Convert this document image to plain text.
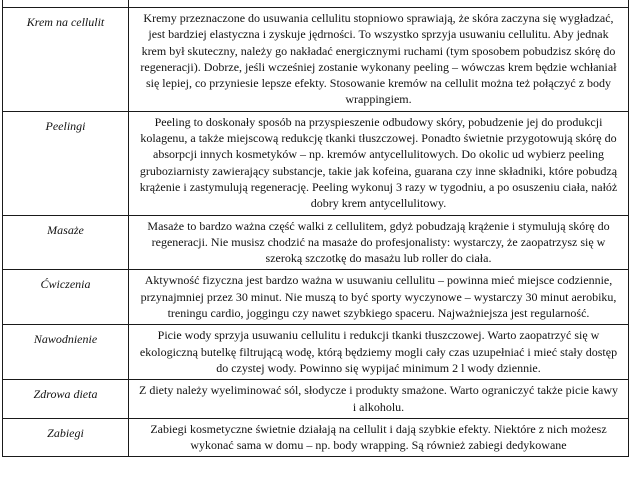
Krem na cellulit	Kremy przeznaczone do usuwania cellulitu stopniowo sprawiają, że skóra zaczyna się wygładzać, jest bardziej elastyczna i zyskuje jędrności. To wszystko sprzyja usuwaniu cellulitu. Aby jednak krem był skuteczny, należy go nakładać energicznymi ruchami (tym sposobem pobudzisz skórę do regeneracji). Dobrze, jeśli wcześniej zostanie wykonany peeling – wówczas krem będzie wchłaniał się lepiej, co przyniesie lepsze efekty. Stosowanie kremów na cellulit można też połączyć z body wrappingiem.

Peelingi	Peeling to doskonały sposób na przyspieszenie odbudowy skóry, pobudzenie jej do produkcji kolagenu, a także miejscową redukcję tkanki tłuszczowej. Ponadto świetnie przygotowują skórę do absorpcji innych kosmetyków – np. kremów antycellulitowych. Do okolic ud wybierz peeling gruboziarnisty zawierający substancje, takie jak kofeina, guarana czy inne składniki, które pobudzą krążenie i zastymulują regenerację. Peeling wykonuj 3 razy w tygodniu, a po osuszeniu ciała, nałóż dobry krem antycellulitowy.

Masaże	Masaże to bardzo ważna część walki z cellulitem, gdyż pobudzają krążenie i stymulują skórę do regeneracji. Nie musisz chodzić na masaże do profesjonalisty: wystarczy, że zaopatrzysz się w szeroką szczotkę do masażu lub roller do ciała.

Ćwiczenia	Aktywność fizyczna jest bardzo ważna w usuwaniu cellulitu – powinna mieć miejsce codziennie, przynajmniej przez 30 minut. Nie muszą to być sporty wyczynowe – wystarczy 30 minut aerobiku, treningu cardio, joggingu czy nawet szybkiego spaceru. Najważniejsza jest regularność.

Nawodnienie	Picie wody sprzyja usuwaniu cellulitu i redukcji tkanki tłuszczowej. Warto zaopatrzyć się w ekologiczną butelkę filtrującą wodę, którą będziemy mogli cały czas uzupełniać i mieć stały dostęp do czystej wody. Powinno się wypijać minimum 2 l wody dziennie.

Zdrowa dieta	Z diety należy wyeliminować sól, słodycze i produkty smażone. Warto ograniczyć także picie kawy i alkoholu.

Zabiegi	Zabiegi kosmetyczne świetnie działają na cellulit i dają szybkie efekty. Niektóre z nich możesz wykonać sama w domu – np. body wrapping. Są również zabiegi dedykowane
